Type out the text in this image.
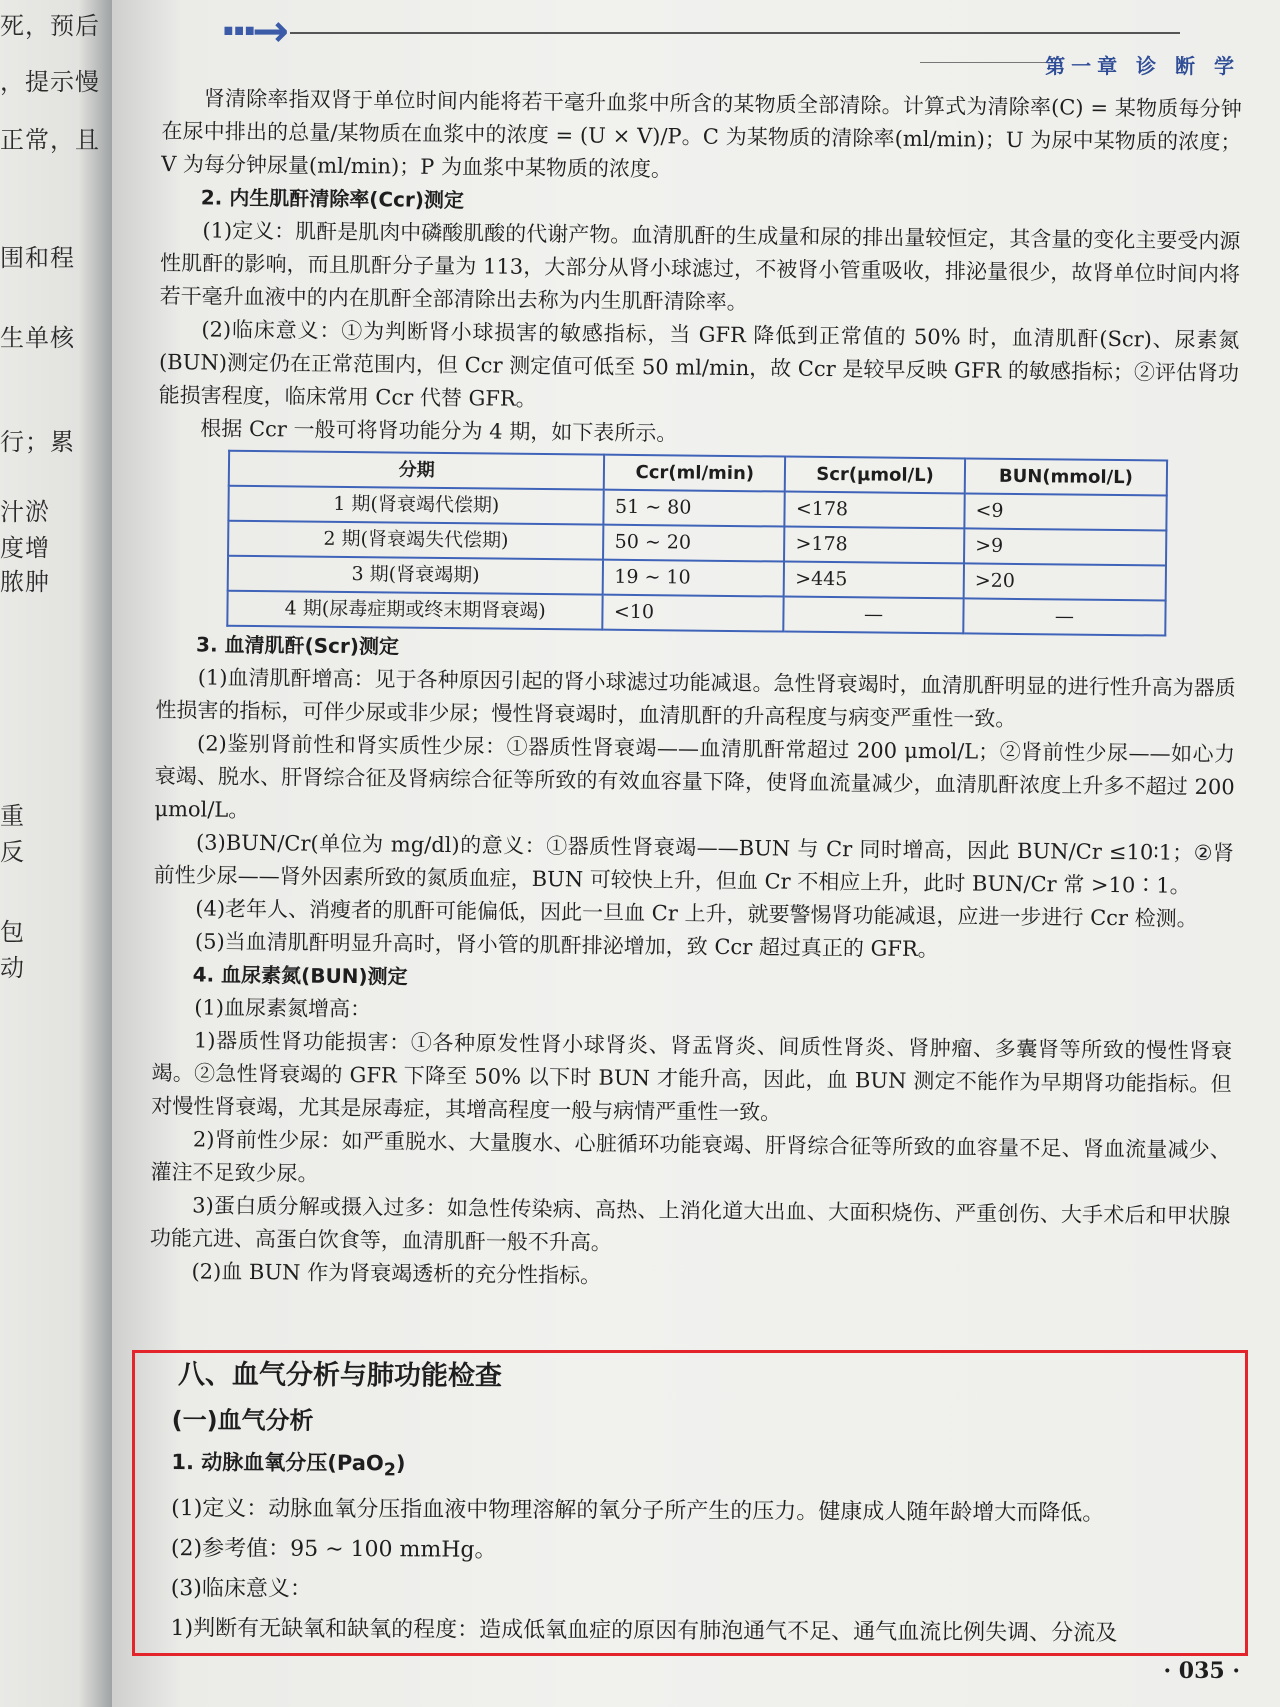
死，预后
，提示慢
正常，且
围和程
生单核
行；累
汁淤
度增
脓肿
重
反
包
动
···→
第一章 诊 断 学

肾清除率指双肾于单位时间内能将若干毫升血浆中所含的某物质全部清除。计算式为清除率(C) = 某物质每分钟在尿中排出的总量/某物质在血浆中的浓度 = (U × V)/P。C 为某物质的清除率(ml/min)；U 为尿中某物质的浓度；V 为每分钟尿量(ml/min)；P 为血浆中某物质的浓度。

2. 内生肌酐清除率(Ccr)测定

(1)定义：肌酐是肌肉中磷酸肌酸的代谢产物。血清肌酐的生成量和尿的排出量较恒定，其含量的变化主要受内源性肌酐的影响，而且肌酐分子量为 113，大部分从肾小球滤过，不被肾小管重吸收，排泌量很少，故肾单位时间内将若干毫升血液中的内在肌酐全部清除出去称为内生肌酐清除率。

(2)临床意义：①为判断肾小球损害的敏感指标，当 GFR 降低到正常值的 50% 时，血清肌酐(Scr)、尿素氮(BUN)测定仍在正常范围内，但 Ccr 测定值可低至 50 ml/min，故 Ccr 是较早反映 GFR 的敏感指标；②评估肾功能损害程度，临床常用 Ccr 代替 GFR。

根据 Ccr 一般可将肾功能分为 4 期，如下表所示。

分期	Ccr(ml/min)	Scr(μmol/L)	BUN(mmol/L)
1 期(肾衰竭代偿期)	51 ~ 80	<178	<9
2 期(肾衰竭失代偿期)	50 ~ 20	>178	>9
3 期(肾衰竭期)	19 ~ 10	>445	>20
4 期(尿毒症期或终末期肾衰竭)	<10	—	—

3. 血清肌酐(Scr)测定

(1)血清肌酐增高：见于各种原因引起的肾小球滤过功能减退。急性肾衰竭时，血清肌酐明显的进行性升高为器质性损害的指标，可伴少尿或非少尿；慢性肾衰竭时，血清肌酐的升高程度与病变严重性一致。

(2)鉴别肾前性和肾实质性少尿：①器质性肾衰竭——血清肌酐常超过 200 μmol/L；②肾前性少尿——如心力衰竭、脱水、肝肾综合征及肾病综合征等所致的有效血容量下降，使肾血流量减少，血清肌酐浓度上升多不超过 200 μmol/L。

(3)BUN/Cr(单位为 mg/dl)的意义：①器质性肾衰竭——BUN 与 Cr 同时增高，因此 BUN/Cr ≤10∶1；②肾前性少尿——肾外因素所致的氮质血症，BUN 可较快上升，但血 Cr 不相应上升，此时 BUN/Cr 常 >10∶1。

(4)老年人、消瘦者的肌酐可能偏低，因此一旦血 Cr 上升，就要警惕肾功能减退，应进一步进行 Ccr 检测。

(5)当血清肌酐明显升高时，肾小管的肌酐排泌增加，致 Ccr 超过真正的 GFR。

4. 血尿素氮(BUN)测定

(1)血尿素氮增高：

1)器质性肾功能损害：①各种原发性肾小球肾炎、肾盂肾炎、间质性肾炎、肾肿瘤、多囊肾等所致的慢性肾衰竭。②急性肾衰竭的 GFR 下降至 50% 以下时 BUN 才能升高，因此，血 BUN 测定不能作为早期肾功能指标。但对慢性肾衰竭，尤其是尿毒症，其增高程度一般与病情严重性一致。

2)肾前性少尿：如严重脱水、大量腹水、心脏循环功能衰竭、肝肾综合征等所致的血容量不足、肾血流量减少、灌注不足致少尿。

3)蛋白质分解或摄入过多：如急性传染病、高热、上消化道大出血、大面积烧伤、严重创伤、大手术后和甲状腺功能亢进、高蛋白饮食等，血清肌酐一般不升高。

(2)血 BUN 作为肾衰竭透析的充分性指标。

八、血气分析与肺功能检查

(一)血气分析

1. 动脉血氧分压(PaO$_2$)

(1)定义：动脉血氧分压指血液中物理溶解的氧分子所产生的压力。健康成人随年龄增大而降低。

(2)参考值：95 ~ 100 mmHg。

(3)临床意义：

1)判断有无缺氧和缺氧的程度：造成低氧血症的原因有肺泡通气不足、通气血流比例失调、分流及

· 035 ·
